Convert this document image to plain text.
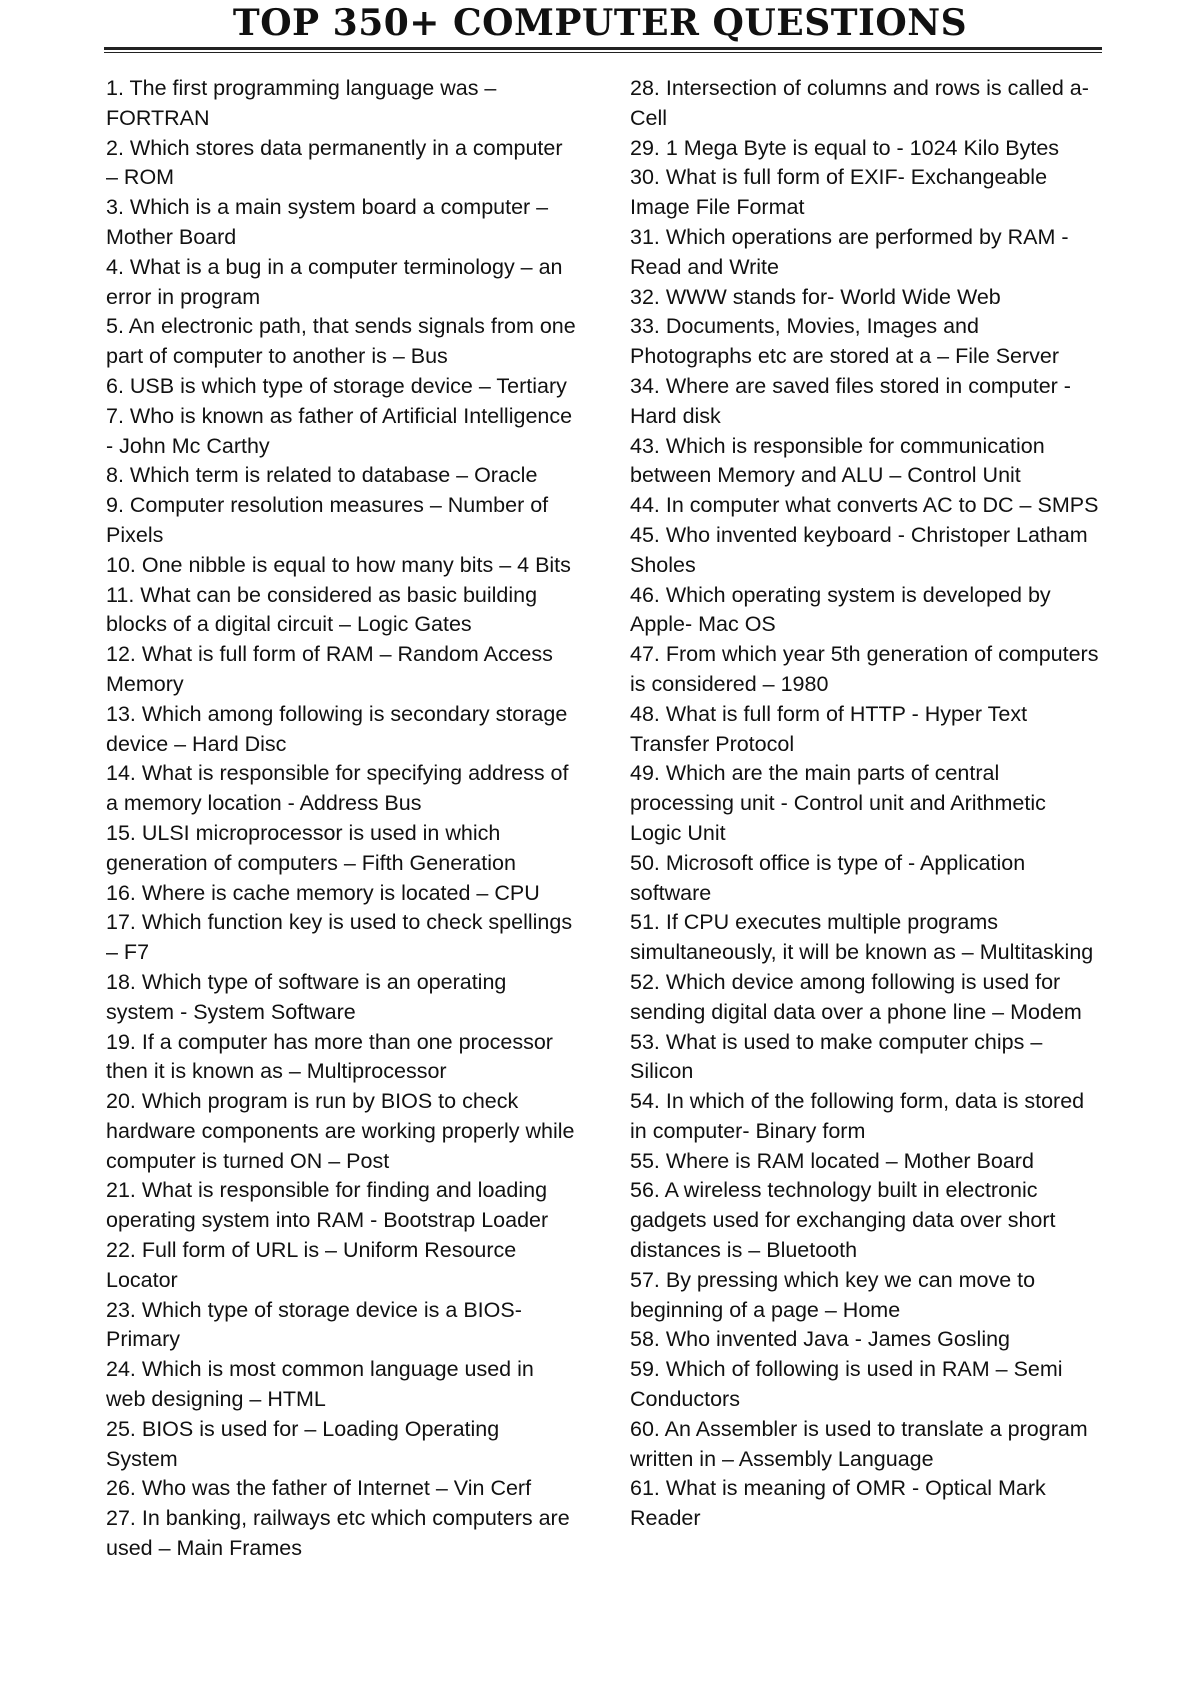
TOP 350+ COMPUTER QUESTIONS

1. The first programming language was – FORTRAN

2. Which stores data permanently in a computer – ROM

3. Which is a main system board a computer – Mother Board

4. What is a bug in a computer terminology – an error in program

5. An electronic path, that sends signals from one part of computer to another is – Bus

6. USB is which type of storage device – Tertiary

7. Who is known as father of Artificial Intelligence - John Mc Carthy

8. Which term is related to database – Oracle

9. Computer resolution measures – Number of Pixels

10. One nibble is equal to how many bits – 4 Bits

11. What can be considered as basic building blocks of a digital circuit – Logic Gates

12. What is full form of RAM – Random Access Memory

13. Which among following is secondary storage device – Hard Disc

14. What is responsible for specifying address of a memory location - Address Bus

15. ULSI microprocessor is used in which generation of computers – Fifth Generation

16. Where is cache memory is located – CPU

17. Which function key is used to check spellings – F7

18. Which type of software is an operating system - System Software

19. If a computer has more than one processor then it is known as – Multiprocessor

20. Which program is run by BIOS to check hardware components are working properly while computer is turned ON – Post

21. What is responsible for finding and loading operating system into RAM - Bootstrap Loader

22. Full form of URL is – Uniform Resource Locator

23. Which type of storage device is a BIOS- Primary

24. Which is most common language used in web designing – HTML

25. BIOS is used for – Loading Operating System

26. Who was the father of Internet – Vin Cerf

27. In banking, railways etc which computers are used – Main Frames

28. Intersection of columns and rows is called a- Cell

29. 1 Mega Byte is equal to - 1024 Kilo Bytes

30. What is full form of EXIF- Exchangeable Image File Format

31. Which operations are performed by RAM - Read and Write

32. WWW stands for- World Wide Web

33. Documents, Movies, Images and Photographs etc are stored at a – File Server

34. Where are saved files stored in computer - Hard disk

43. Which is responsible for communication between Memory and ALU – Control Unit

44. In computer what converts AC to DC – SMPS

45. Who invented keyboard - Christoper Latham Sholes

46. Which operating system is developed by Apple- Mac OS

47. From which year 5th generation of computers is considered – 1980

48. What is full form of HTTP - Hyper Text Transfer Protocol

49. Which are the main parts of central processing unit - Control unit and Arithmetic Logic Unit

50. Microsoft office is type of - Application software

51. If CPU executes multiple programs simultaneously, it will be known as – Multitasking

52. Which device among following is used for sending digital data over a phone line – Modem

53. What is used to make computer chips – Silicon

54. In which of the following form, data is stored in computer- Binary form

55. Where is RAM located – Mother Board

56. A wireless technology built in electronic gadgets used for exchanging data over short distances is – Bluetooth

57. By pressing which key we can move to beginning of a page – Home

58. Who invented Java - James Gosling

59. Which of following is used in RAM – Semi Conductors

60. An Assembler is used to translate a program written in – Assembly Language

61. What is meaning of OMR - Optical Mark Reader
